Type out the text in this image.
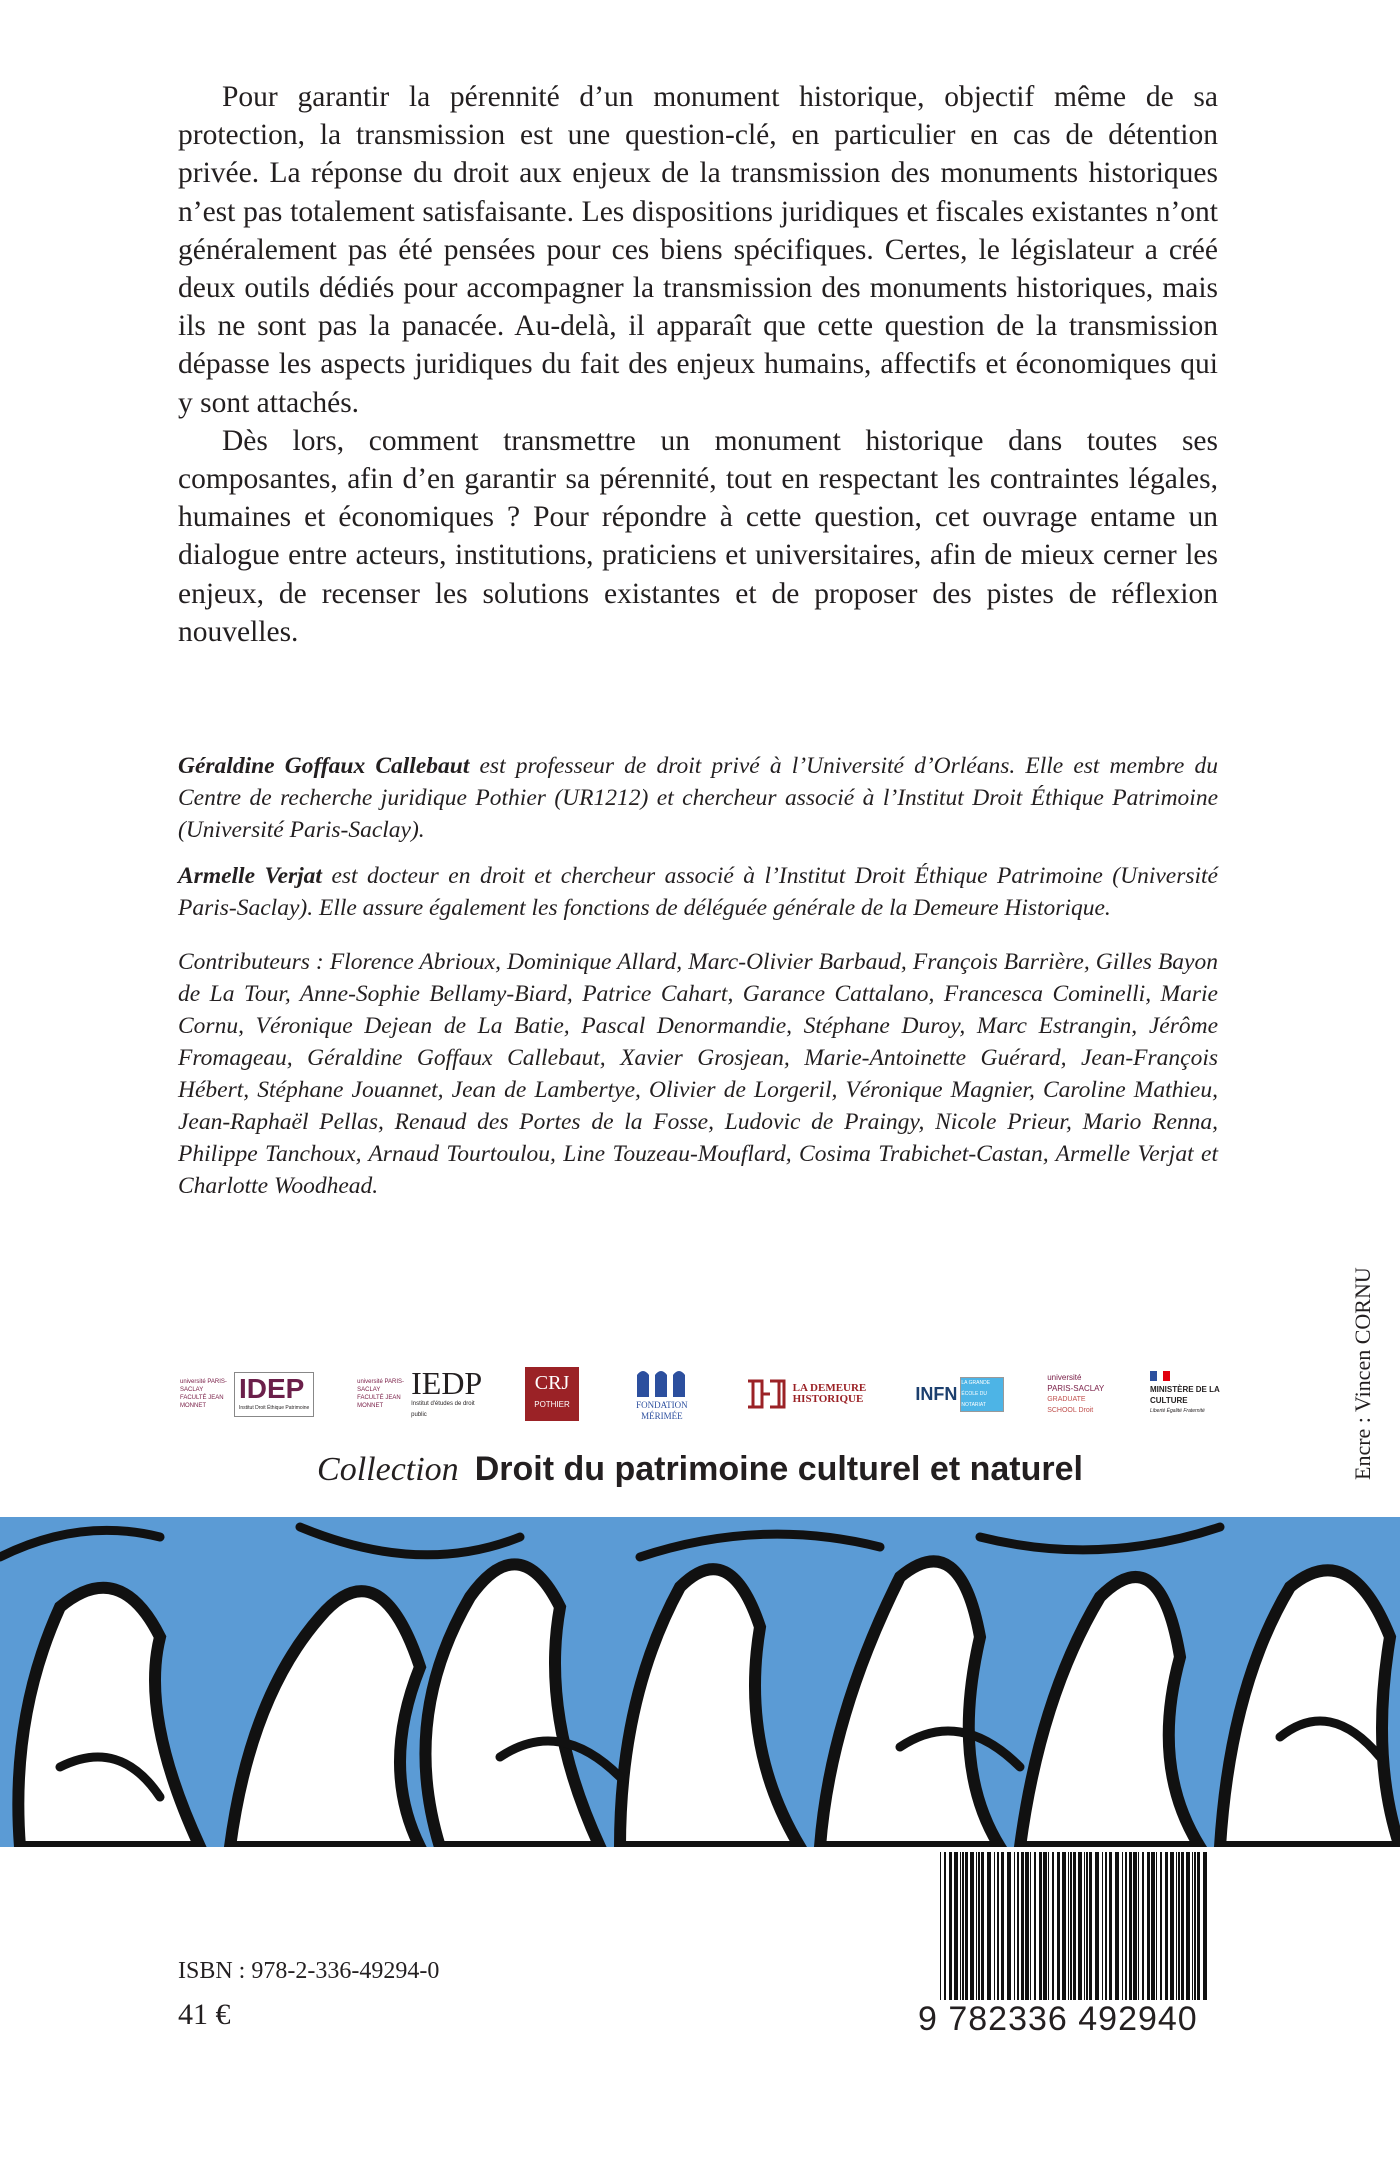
Pour garantir la pérennité d’un monument historique, objectif même de sa protection, la transmission est une question-clé, en particulier en cas de détention privée. La réponse du droit aux enjeux de la transmission des monuments historiques n’est pas totalement satisfaisante. Les dispositions juridiques et fiscales existantes n’ont généralement pas été pensées pour ces biens spécifiques. Certes, le législateur a créé deux outils dédiés pour accompagner la transmission des monuments historiques, mais ils ne sont pas la panacée. Au-delà, il apparaît que cette question de la transmission dépasse les aspects juridiques du fait des enjeux humains, affectifs et économiques qui y sont attachés.

Dès lors, comment transmettre un monument historique dans toutes ses composantes, afin d’en garantir sa pérennité, tout en respectant les contraintes légales, humaines et économiques ? Pour répondre à cette question, cet ouvrage entame un dialogue entre acteurs, institutions, praticiens et universitaires, afin de mieux cerner les enjeux, de recenser les solutions existantes et de proposer des pistes de réflexion nouvelles.

Géraldine Goffaux Callebaut est professeur de droit privé à l’Université d’Orléans. Elle est membre du Centre de recherche juridique Pothier (UR1212) et chercheur associé à l’Institut Droit Éthique Patrimoine (Université Paris-Saclay).

Armelle Verjat est docteur en droit et chercheur associé à l’Institut Droit Éthique Patrimoine (Université Paris-Saclay). Elle assure également les fonctions de déléguée générale de la Demeure Historique.

Contributeurs : Florence Abrioux, Dominique Allard, Marc-Olivier Barbaud, François Barrière, Gilles Bayon de La Tour, Anne-Sophie Bellamy-Biard, Patrice Cahart, Garance Cattalano, Francesca Cominelli, Marie Cornu, Véronique Dejean de La Batie, Pascal Denormandie, Stéphane Duroy, Marc Estrangin, Jérôme Fromageau, Géraldine Goffaux Callebaut, Xavier Grosjean, Marie-Antoinette Guérard, Jean-François Hébert, Stéphane Jouannet, Jean de Lambertye, Olivier de Lorgeril, Véronique Magnier, Caroline Mathieu, Jean-Raphaël Pellas, Renaud des Portes de la Fosse, Ludovic de Praingy, Nicole Prieur, Mario Renna, Philippe Tanchoux, Arnaud Tourtoulou, Line Touzeau-Mouflard, Cosima Trabichet-Castan, Armelle Verjat et Charlotte Woodhead.

université PARIS-SACLAY FACULTÉ JEAN MONNET
IDEP
Institut Droit Éthique Patrimoine
université PARIS-SACLAY FACULTÉ JEAN MONNET
IEDP
Institut d'études de droit public
CRJ
POTHIER	FONDATION MÉRIMÉE
LA DEMEURE HISTORIQUE	INFN
LA GRANDE ÉCOLE DU NOTARIAT
université PARIS-SACLAY
GRADUATE SCHOOL Droit
MINISTÈRE DE LA CULTURE
Liberté Égalité Fraternité
Collection Droit du patrimoine culturel et naturel	Encre : Vincen CORNU
ISBN : 978-2-336-49294-0
41 €	9 782336 492940
